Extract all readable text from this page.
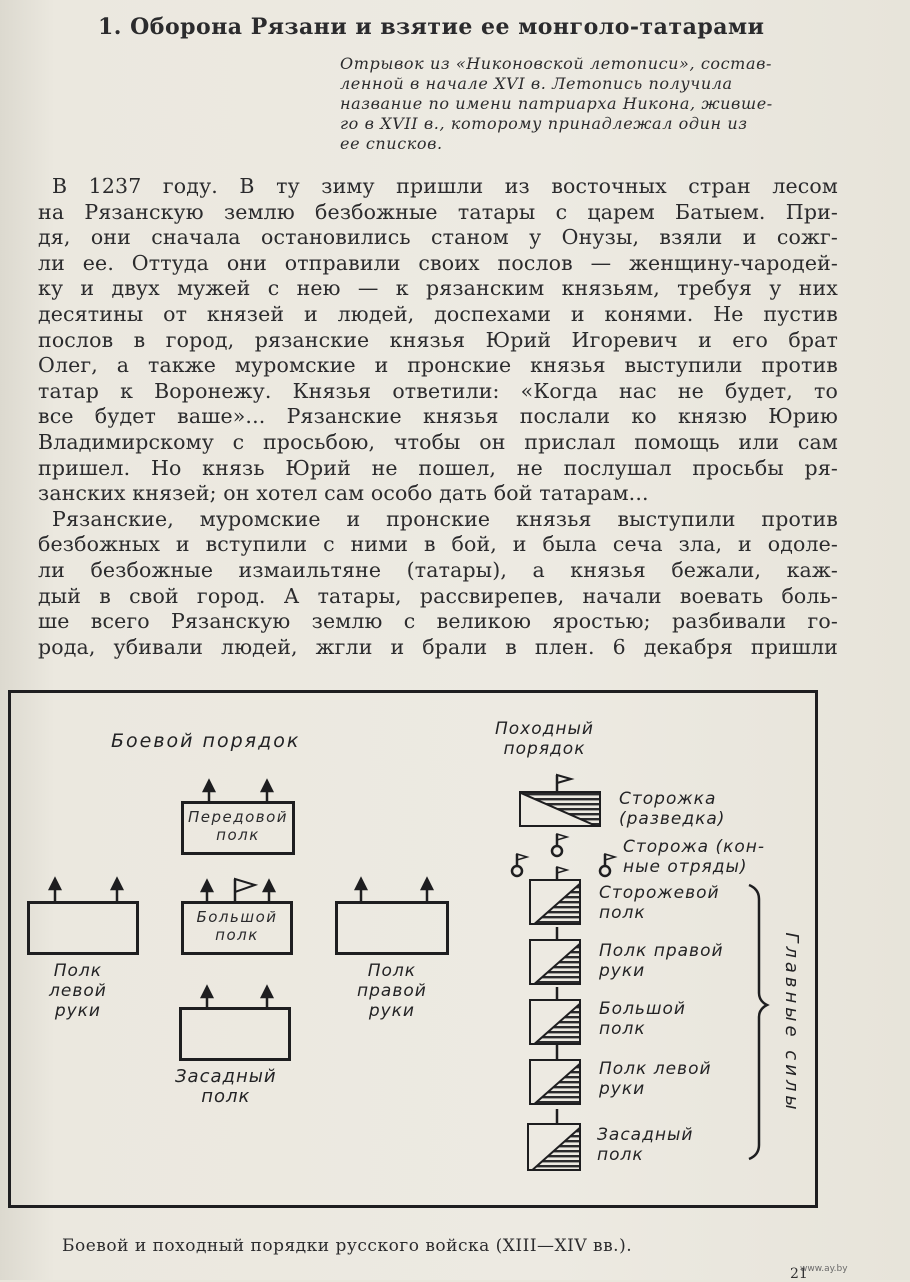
1. Оборона Рязани и взятие ее монголо-татарами
Отрывок из «Никоновской летописи», состав-
ленной в начале XVI в. Летопись получила
название по имени патриарха Никона, жившe-
го в XVII в., которому принадлежал один из
ее списков.
В 1237 году. В ту зиму пришли из восточных стран лесом
на Рязанскую землю безбожные татары с царем Батыем. При-
дя, они сначала остановились станом у Онузы, взяли и сожг-
ли ее. Оттуда они отправили своих послов — женщину-чародей-
ку и двух мужей с нею — к рязанским князьям, требуя у них
десятины от князей и людей, доспехами и конями. Не пустив
послов в город, рязанские князья Юрий Игоревич и его брат
Олег, а также муромские и пронские князья выступили против
татар к Воронежу. Князья ответили: «Когда нас не будет, то
все будет ваше»... Рязанские князья послали ко князю Юрию
Владимирскому с просьбою, чтобы он прислал помощь или сам
пришел. Но князь Юрий не пошел, не послушал просьбы ря-
занских князей; он хотел сам особо дать бой татарам...
Рязанские, муромские и пронские князья выступили против
безбожных и вступили с ними в бой, и была сеча зла, и одоле-
ли безбожные измаильтяне (татары), а князья бежали, каж-
дый в свой город. А татары, рассвирепев, начали воевать боль-
ше всего Рязанскую землю с великою яростью; разбивали го-
рода, убивали людей, жгли и брали в плен. 6 декабря пришли
Боевой порядок
Походный
порядок
Передовой
полк
Большой
полк
Полк
левой
руки
Полк
правой
руки
Засадный
полк
Сторожка
(разведка)
Сторожа (кон-
ные отряды)
Сторожевой
полк
Полк правой
руки
Большой
полк
Полк левой
руки
Засадный
полк
Главные силы
Боевой и походный порядки русского войска (XIII—XIV вв.).
21
www.ay.by
